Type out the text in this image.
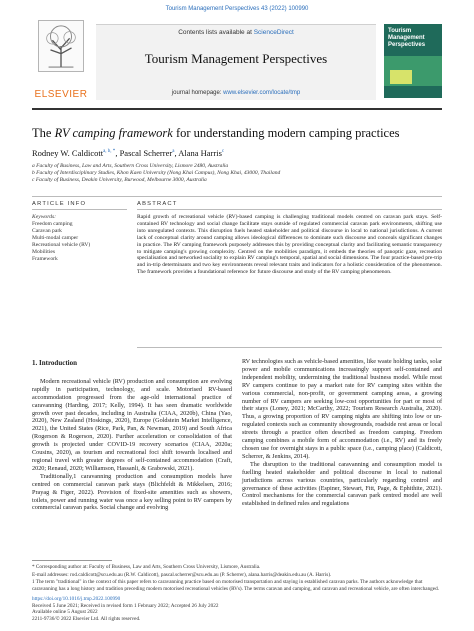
Tourism Management Perspectives 43 (2022) 100990
ELSEVIER
Contents lists available at ScienceDirect
Tourism Management Perspectives
journal homepage: www.elsevier.com/locate/tmp
Tourism Management Perspectives
The RV camping framework for understanding modern camping practices
Rodney W. Caldicott$^{a, b, *}$, Pascal Scherrer$^a$, Alana Harris$^c$
a Faculty of Business, Law and Arts, Southern Cross University, Lismore 2480, Australia
b Faculty of Interdisciplinary Studies, Khon Kaen University (Nong Khai Campus), Nong Khai, 43000, Thailand
c Faculty of Business, Deakin University, Burwood, Melbourne 3000, Australia
ARTICLE INFO	ABSTRACT
Keywords:
Freedom camping
Caravan park
Multi-modal camper
Recreational vehicle (RV)
Mobilities
Framework
Rapid growth of recreational vehicle (RV)-based camping is challenging traditional models centred on caravan park stays. Self-contained RV technology and social change facilitate stays outside of regulated commercial caravan park environments, shifting use into unregulated contexts. This disruption fuels heated stakeholder and political discourse in local to national jurisdictions. A current lack of conceptual clarity around camping allows ideological differences to dominate such discourse and conceals significant changes in practice. The RV camping framework purposely addresses this by providing conceptual clarity and facilitating semantic transparency to mitigate camping's growing complexity. Centred on the mobilities paradigm, it embeds the theories of panoptic gaze, recreation specialisation and networked sociality to explain RV camping's temporal, spatial and social dimensions. The four practice-based pre-trip and in-trip determinants and two key environments reveal relevant traits and indicators for a holistic consideration of the phenomenon. The framework provides a foundational reference for future discourse and study of the RV camping phenomenon.
1. Introduction

Modern recreational vehicle (RV) production and consumption are evolving rapidly in participation, technology, and scale. Motorised RV-based accommodation progressed from the age-old international practice of caravanning (Harding, 2017; Kelly, 1994). It has seen dramatic worldwide growth over past decades, including in Australia (CIAA, 2020b), China (Yao, 2020), New Zealand (Hoskings, 2020), Europe (Goldstein Market Intelligence, 2021), the United States (Rice, Park, Pan, & Newman, 2019) and South Africa (Rogerson & Rogerson, 2020). Further acceleration or consolidation of that growth is projected under COVID-19 recovery scenarios (CIAA, 2020a; Cousins, 2020), as tourism and recreational foci shift towards localised and regional travel with greater degrees of self-contained accommodation (Craft, 2020; Renaud, 2020; Williamson, Hassanli, & Grabowski, 2021).

Traditionally,1 caravanning production and consumption models have centred on commercial caravan park stays (Blichfeldt & Mikkelsen, 2016; Prayag & Figer, 2022). Provision of fixed-site amenities such as showers, toilets, power and running water was once a key selling point to RV campers by commercial caravan parks. Social change and evolving

RV technologies such as vehicle-based amenities, like waste holding tanks, solar power and mobile communications increasingly support self-contained and independent mobility, undermining the traditional business model. While most RV campers continue to pay a market rate for RV camping sites within the various commercial, non-profit, or government camping areas, a growing number of RV campers are seeking low-cost opportunities for part or most of their stays (Loney, 2021; McCarthy, 2022; Tourism Research Australia, 2020). Thus, a growing proportion of RV camping nights are shifting into low or un-regulated contexts such as community showgrounds, roadside rest areas or local streets through a practice often described as freedom camping. Freedom camping combines a mobile form of accommodation (i.e., RV) and its freely chosen use for overnight stays in a public space (i.e., camping place) (Caldicott, Scherrer, & Jenkins, 2014).

The disruption to the traditional caravanning and consumption model is fuelling heated stakeholder and political discourse in local to national jurisdictions across various countries, particularly regarding control and governance of these activities (Espiner, Stewart, Fitt, Page, & Ephithite, 2021). Control mechanisms for the commercial caravan park centred model are well established in defined rules and regulations

* Corresponding author at: Faculty of Business, Law and Arts, Southern Cross University, Lismore, Australia.
E-mail addresses: rod.caldicott@scu.edu.au (R.W. Caldicott), pascal.scherrer@scu.edu.au (P. Scherrer), alana.harris@deakin.edu.au (A. Harris).
1 The term "traditional" in the context of this paper refers to caravanning practice based on motorised transportation and staying in established caravan parks. The authors acknowledge that caravanning has a long history and tradition preceding modern motorised recreational vehicles (RVs). The terms caravan and camping, and caravan and recreational vehicle, are often interchanged.
https://doi.org/10.1016/j.tmp.2022.100990
Received 5 June 2021; Received in revised form 1 February 2022; Accepted 26 July 2022
Available online 5 August 2022
2211-9736/© 2022 Elsevier Ltd. All rights reserved.
